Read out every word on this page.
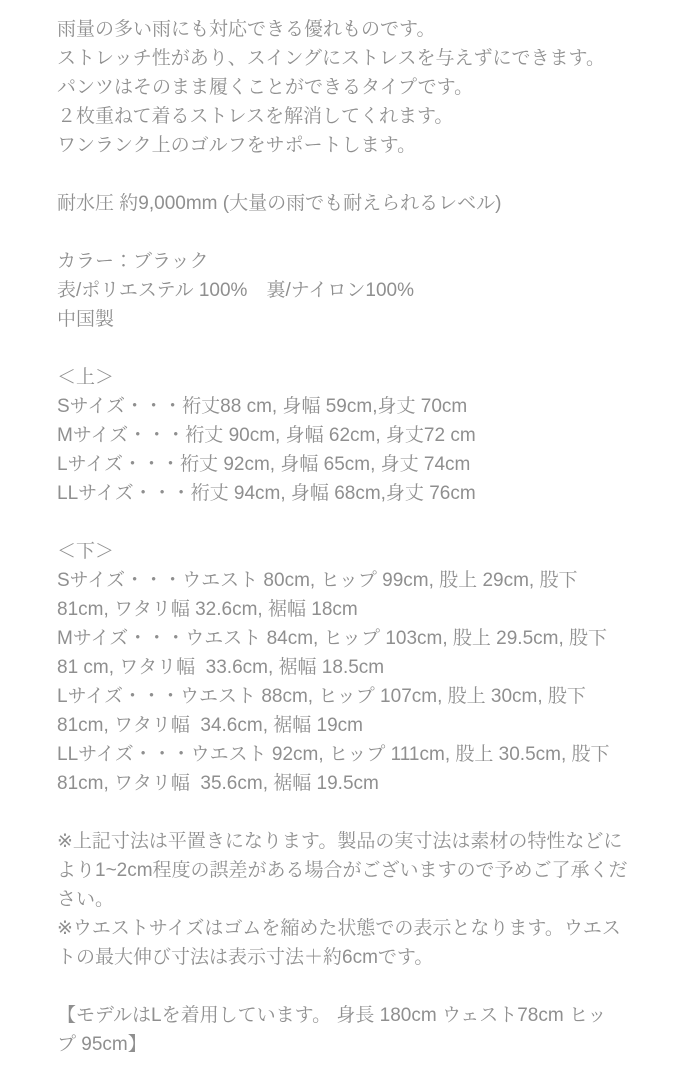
雨量の多い雨にも対応できる優れものです。
ストレッチ性があり、スイングにストレスを与えずにできます。
パンツはそのまま履くことができるタイプです。
２枚重ねて着るストレスを解消してくれます。
ワンランク上のゴルフをサポートします。
耐水圧 約9,000mm (大量の雨でも耐えられるレベル)
カラー：ブラック
表/ポリエステル 100%　裏/ナイロン100%
中国製
＜上＞
Sサイズ・・・裄丈88 cm, 身幅 59cm,身丈 70cm
Mサイズ・・・裄丈 90cm, 身幅 62cm, 身丈72 cm
Lサイズ・・・裄丈 92cm, 身幅 65cm, 身丈 74cm
LLサイズ・・・裄丈 94cm, 身幅 68cm,身丈 76cm
＜下＞
Sサイズ・・・ウエスト 80cm, ヒップ 99cm, 股上 29cm, 股下
81cm, ワタリ幅 32.6cm, 裾幅 18cm
Mサイズ・・・ウエスト 84cm, ヒップ 103cm, 股上 29.5cm, 股下
81 cm, ワタリ幅  33.6cm, 裾幅 18.5cm
Lサイズ・・・ウエスト 88cm, ヒップ 107cm, 股上 30cm, 股下
81cm, ワタリ幅  34.6cm, 裾幅 19cm
LLサイズ・・・ウエスト 92cm, ヒップ 111cm, 股上 30.5cm, 股下
81cm, ワタリ幅  35.6cm, 裾幅 19.5cm
※上記寸法は平置きになります。製品の実寸法は素材の特性などに
より1~2cm程度の誤差がある場合がございますので予めご了承くだ
さい。
※ウエストサイズはゴムを縮めた状態での表示となります。ウエス
トの最大伸び寸法は表示寸法＋約6cmです。
【モデルはLを着用しています。 身長 180cm ウェスト78cm ヒッ
プ 95cm】
